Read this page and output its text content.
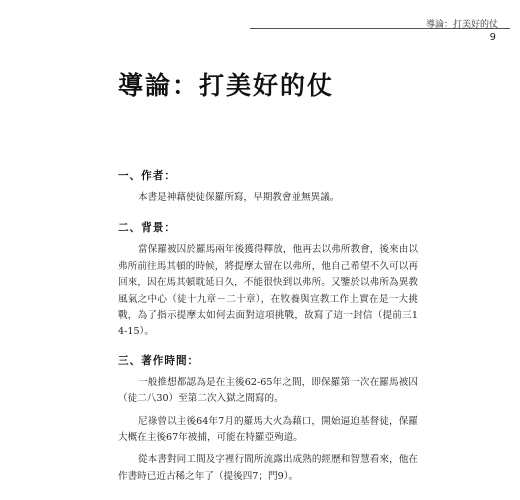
導論：打美好的仗
9
導論：打美好的仗
一、作者：

本書是神藉使徒保羅所寫，早期教會並無異議。

二、背景：

當保羅被囚於羅馬兩年後獲得釋放，他再去以弗所教會，後來由以弗所前往馬其頓的時候，將提摩太留在以弗所，他自己希望不久可以再回來，因在馬其頓耽延日久，不能很快到以弗所。又鑒於以弗所為異教風氣之中心（徒十九章－二十章），在牧養與宣教工作上實在是一大挑戰，為了指示提摩太如何去面對這項挑戰，故寫了這一封信（提前三14-15）。

三、著作時間：

一般推想都認為是在主後62-65年之間，即保羅第一次在羅馬被囚（徒二八30）至第二次入獄之間寫的。

尼祿曾以主後64年7月的羅馬大火為藉口，開始逼迫基督徒，保羅大概在主後67年被捕，可能在特羅亞殉道。

從本書對同工間及字裡行間所流露出成熟的經歷和智慧看來，他在作書時已近古稀之年了（提後四7；門9）。
